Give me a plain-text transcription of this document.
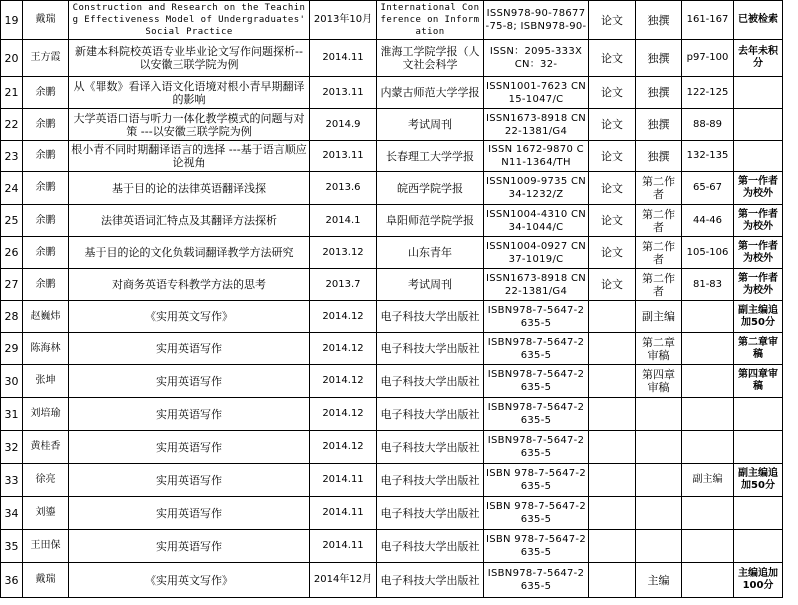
19	戴瑞	Construction and Research on the Teaching Effectiveness Model of Undergraduates' Social Practice	2013年10月	International Conference on Information	ISSN978-90-78677-75-8; ISBN978-90-	论文	独撰	161-167	已被检索
20	王方霞	新建本科院校英语专业毕业论文写作问题探析--以安徽三联学院为例	2014.11	淮海工学院学报（人文社会科学	ISSN：2095-333X CN：32-	论文	独撰	p97-100	去年未积分
21	余鹏	从《罪数》看译入语文化语境对根小青早期翻译的影响	2013.11	内蒙古师范大学学报	ISSN1001-7623 CN15-1047/C	论文	独撰	122-125	
22	余鹏	大学英语口语与听力一体化教学模式的问题与对策 ---以安徽三联学院为例	2014.9	考试周刊	ISSN1673-8918 CN22-1381/G4	论文	独撰	88-89	
23	余鹏	根小青不同时期翻译语言的选择 ---基于语言顺应论视角	2013.11	长春理工大学学报	ISSN 1672-9870 CN11-1364/TH	论文	独撰	132-135	
24	余鹏	基于目的论的法律英语翻译浅探	2013.6	皖西学院学报	ISSN1009-9735 CN34-1232/Z	论文	第二作者	65-67	第一作者为校外
25	余鹏	法律英语词汇特点及其翻译方法探析	2014.1	阜阳师范学院学报	ISSN1004-4310 CN34-1044/C	论文	第二作者	44-46	第一作者为校外
26	余鹏	基于目的论的文化负载词翻译教学方法研究	2013.12	山东青年	ISSN1004-0927 CN37-1019/C	论文	第二作者	105-106	第一作者为校外
27	余鹏	对商务英语专科教学方法的思考	2013.7	考试周刊	ISSN1673-8918 CN22-1381/G4	论文	第二作者	81-83	第一作者为校外
28	赵巍炜	《实用英文写作》	2014.12	电子科技大学出版社	ISBN978-7-5647-2635-5		副主编		副主编追加50分
29	陈海林	实用英语写作	2014.12	电子科技大学出版社	ISBN978-7-5647-2635-5		第二章审稿		第二章审稿
30	张坤	实用英语写作	2014.12	电子科技大学出版社	ISBN978-7-5647-2635-5		第四章审稿		第四章审稿
31	刘培瑜	实用英语写作	2014.12	电子科技大学出版社	ISBN978-7-5647-2635-5				
32	黄桂香	实用英语写作	2014.12	电子科技大学出版社	ISBN978-7-5647-2635-5				
33	徐亮	实用英语写作	2014.11	电子科技大学出版社	ISBN 978-7-5647-2635-5			副主编	副主编追加50分
34	刘鎏	实用英语写作	2014.11	电子科技大学出版社	ISBN 978-7-5647-2635-5				
35	王田保	实用英语写作	2014.11	电子科技大学出版社	ISBN 978-7-5647-2635-5				
36	戴瑞	《实用英文写作》	2014年12月	电子科技大学出版社	ISBN978-7-5647-2635-5		主编		主编追加100分
